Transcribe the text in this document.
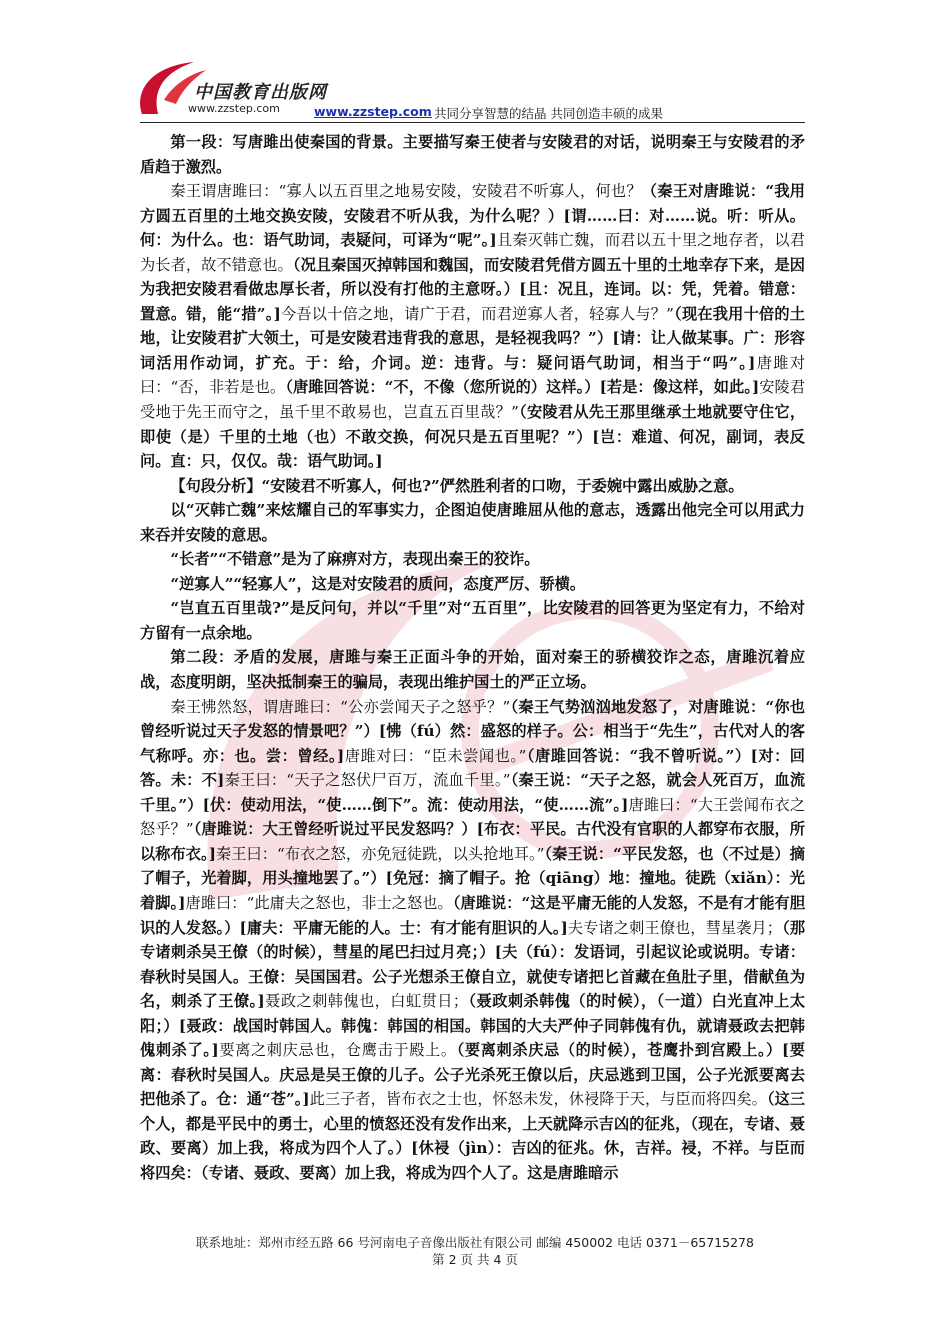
中国教育出版网
www.zzstep.com	www.zzstep.com 共同分享智慧的结晶 共同创造丰硕的成果

第一段：写唐雎出使秦国的背景。主要描写秦王使者与安陵君的对话，说明秦王与安陵君的矛盾趋于激烈。

秦王谓唐雎曰：“寡人以五百里之地易安陵，安陵君不听寡人，何也？（秦王对唐雎说：“我用方圆五百里的土地交换安陵，安陵君不听从我，为什么呢？）[谓……曰：对……说。听：听从。何：为什么。也：语气助词，表疑问，可译为“呢”。]且秦灭韩亡魏，而君以五十里之地存者，以君为长者，故不错意也。（况且秦国灭掉韩国和魏国，而安陵君凭借方圆五十里的土地幸存下来，是因为我把安陵君看做忠厚长者，所以没有打他的主意呀。）[且：况且，连词。以：凭，凭着。错意：置意。错，能“措”。]今吾以十倍之地，请广于君，而君逆寡人者，轻寡人与？”（现在我用十倍的土地，让安陵君扩大领土，可是安陵君违背我的意思，是轻视我吗？”）[请：让人做某事。广：形容词活用作动词，扩充。于：给，介词。逆：违背。与：疑问语气助词，相当于“吗”。]唐雎对曰：“否，非若是也。（唐雎回答说：“不，不像（您所说的）这样。）[若是：像这样，如此。]安陵君受地于先王而守之，虽千里不敢易也，岂直五百里哉？”（安陵君从先王那里继承土地就要守住它，即使（是）千里的土地（也）不敢交换，何况只是五百里呢？”）[岂：难道、何况，副词，表反问。直：只，仅仅。哉：语气助词。]

【句段分析】“安陵君不听寡人，何也?”俨然胜利者的口吻，于委婉中露出威胁之意。

以“灭韩亡魏”来炫耀自己的军事实力，企图迫使唐雎屈从他的意志，透露出他完全可以用武力来吞并安陵的意思。

“长者”“不错意”是为了麻痹对方，表现出秦王的狡诈。

“逆寡人”“轻寡人”，这是对安陵君的质问，态度严厉、骄横。

“岂直五百里哉?”是反问句，并以“千里”对“五百里”，比安陵君的回答更为坚定有力，不给对方留有一点余地。

第二段：矛盾的发展，唐雎与秦王正面斗争的开始，面对秦王的骄横狡诈之态，唐雎沉着应战，态度明朗，坚决抵制秦王的骗局，表现出维护国土的严正立场。

秦王怫然怒，谓唐雎曰：“公亦尝闻天子之怒乎？”（秦王气势汹汹地发怒了，对唐雎说：“你也曾经听说过天子发怒的情景吧？”）[怫（fú）然：盛怒的样子。公：相当于“先生”，古代对人的客气称呼。亦：也。尝：曾经。]唐雎对曰：“臣未尝闻也。”（唐雎回答说：“我不曾听说。”）[对：回答。未：不]秦王曰：“天子之怒伏尸百万，流血千里。”（秦王说：“天子之怒，就会人死百万，血流千里。”）[伏：使动用法，“使……倒下”。流：使动用法，“使……流”。]唐雎曰：“大王尝闻布衣之怒乎？”（唐雎说：大王曾经听说过平民发怒吗？）[布衣：平民。古代没有官职的人都穿布衣服，所以称布衣。]秦王曰：“布衣之怒，亦免冠徒跣，以头抢地耳。”（秦王说：“平民发怒，也（不过是）摘了帽子，光着脚，用头撞地罢了。”）[免冠：摘了帽子。抢（qiāng）地：撞地。徒跣（xiǎn）：光着脚。]唐雎曰：“此庸夫之怒也，非士之怒也。（唐雎说：“这是平庸无能的人发怒，不是有才能有胆识的人发怒。）[庸夫：平庸无能的人。士：有才能有胆识的人。]夫专诸之刺王僚也，彗星袭月；（那专诸刺杀吴王僚（的时候），彗星的尾巴扫过月亮；）[夫（fú）：发语词，引起议论或说明。专诸：春秋时吴国人。王僚：吴国国君。公子光想杀王僚自立，就使专诸把匕首藏在鱼肚子里，借献鱼为名，刺杀了王僚。]聂政之刺韩傀也，白虹贯日；（聂政刺杀韩傀（的时候），（一道）白光直冲上太阳；）[聂政：战国时韩国人。韩傀：韩国的相国。韩国的大夫严仲子同韩傀有仇，就请聂政去把韩傀刺杀了。]要离之刺庆忌也，仓鹰击于殿上。（要离刺杀庆忌（的时候），苍鹰扑到宫殿上。）[要离：春秋时吴国人。庆忌是吴王僚的儿子。公子光杀死王僚以后，庆忌逃到卫国，公子光派要离去把他杀了。仓：通“苍”。]此三子者，皆布衣之士也，怀怒未发，休祲降于天，与臣而将四矣。（这三个人，都是平民中的勇士，心里的愤怒还没有发作出来，上天就降示吉凶的征兆，（现在，专诸、聂政、要离）加上我，将成为四个人了。）[休祲（jìn）：吉凶的征兆。休，吉祥。祲，不祥。与臣而将四矣：（专诸、聂政、要离）加上我，将成为四个人了。这是唐雎暗示

联系地址：郑州市经五路 66 号河南电子音像出版社有限公司 邮编 450002 电话 0371－65715278
第 2 页 共 4 页
